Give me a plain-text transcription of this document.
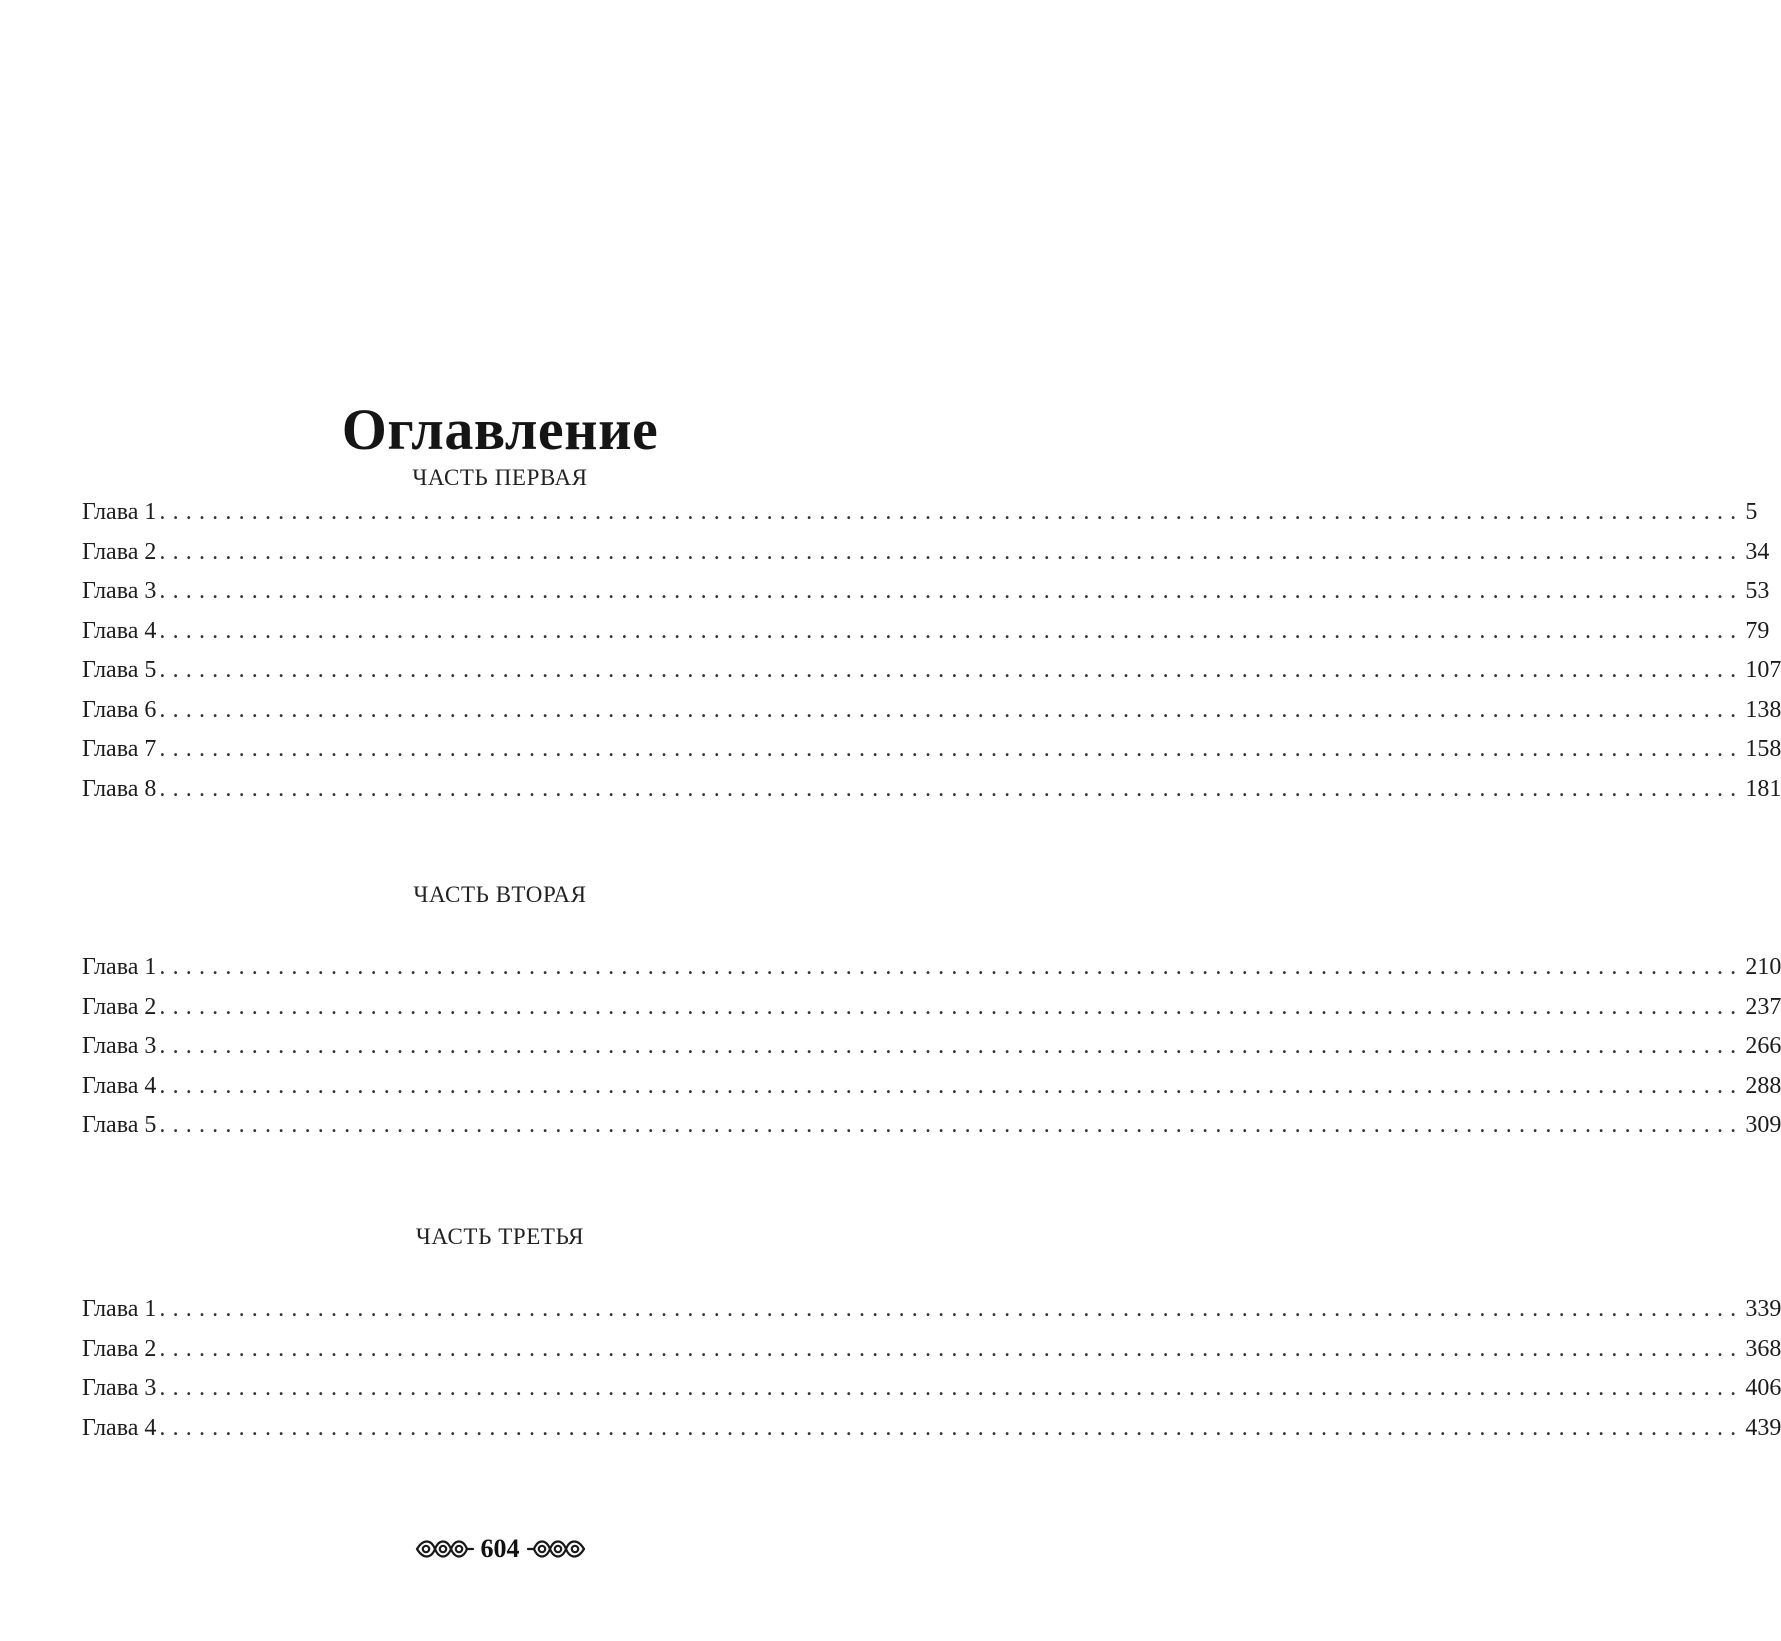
Оглавление
ЧАСТЬ ПЕРВАЯ
Глава 1 ........................................................................................................................ 5
Глава 2 ........................................................................................................................ 34
Глава 3 ........................................................................................................................ 53
Глава 4 ........................................................................................................................ 79
Глава 5 ........................................................................................................................ 107
Глава 6 ........................................................................................................................ 138
Глава 7 ........................................................................................................................ 158
Глава 8 ........................................................................................................................ 181
ЧАСТЬ ВТОРАЯ
Глава 1 ........................................................................................................................ 210
Глава 2 ........................................................................................................................ 237
Глава 3 ........................................................................................................................ 266
Глава 4 ........................................................................................................................ 288
Глава 5 ........................................................................................................................ 309
ЧАСТЬ ТРЕТЬЯ
Глава 1 ........................................................................................................................ 339
Глава 2 ........................................................................................................................ 368
Глава 3 ........................................................................................................................ 406
Глава 4 ........................................................................................................................ 439
604
